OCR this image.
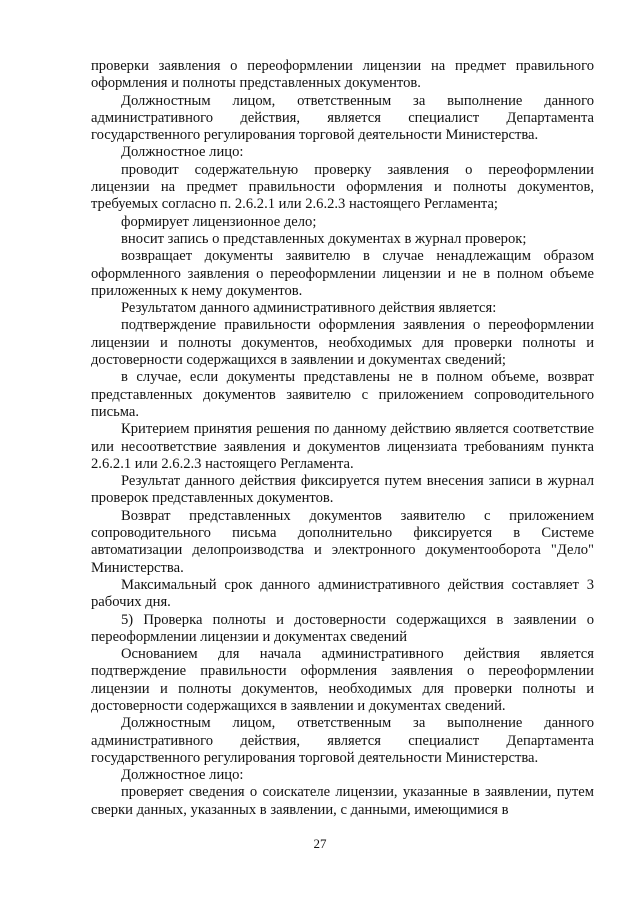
проверки заявления о переоформлении лицензии на предмет правильного оформления и полноты представленных документов.

Должностным лицом, ответственным за выполнение данного административного действия, является специалист Департамента государственного регулирования торговой деятельности Министерства.

Должностное лицо:

проводит содержательную проверку заявления о переоформлении лицензии на предмет правильности оформления и полноты документов, требуемых согласно п. 2.6.2.1 или 2.6.2.3 настоящего Регламента;

формирует лицензионное дело;

вносит запись о представленных документах в журнал проверок;

возвращает документы заявителю в случае ненадлежащим образом оформленного заявления о переоформлении лицензии и не в полном объеме приложенных к нему документов.

Результатом данного административного действия является:

подтверждение правильности оформления заявления о переоформлении лицензии и полноты документов, необходимых для проверки полноты и достоверности содержащихся в заявлении и документах сведений;

в случае, если документы представлены не в полном объеме, возврат представленных документов заявителю с приложением сопроводительного письма.

Критерием принятия решения по данному действию является соответствие или несоответствие заявления и документов лицензиата требованиям пункта 2.6.2.1 или 2.6.2.3 настоящего Регламента.

Результат данного действия фиксируется путем внесения записи в журнал проверок представленных документов.

Возврат представленных документов заявителю с приложением сопроводительного письма дополнительно фиксируется в Системе автоматизации делопроизводства и электронного документооборота "Дело" Министерства.

Максимальный срок данного административного действия составляет 3 рабочих дня.

5) Проверка полноты и достоверности содержащихся в заявлении о переоформлении лицензии и документах сведений

Основанием для начала административного действия является подтверждение правильности оформления заявления о переоформлении лицензии и полноты документов, необходимых для проверки полноты и достоверности содержащихся в заявлении и документах сведений.

Должностным лицом, ответственным за выполнение данного административного действия, является специалист Департамента государственного регулирования торговой деятельности Министерства.

Должностное лицо:

проверяет сведения о соискателе лицензии, указанные в заявлении, путем сверки данных, указанных в заявлении, с данными, имеющимися в

27
